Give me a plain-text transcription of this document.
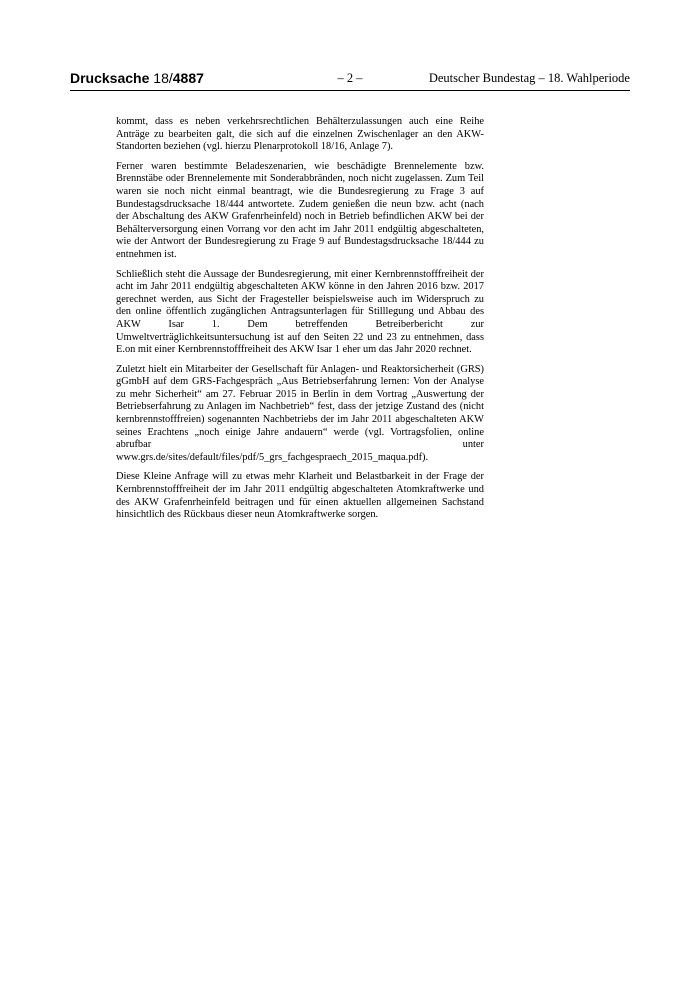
Drucksache 18/4887	– 2 –	Deutscher Bundestag – 18. Wahlperiode

kommt, dass es neben verkehrsrechtlichen Behälterzulassungen auch eine Reihe Anträge zu bearbeiten galt, die sich auf die einzelnen Zwischenlager an den AKW-Standorten beziehen (vgl. hierzu Plenarprotokoll 18/16, Anlage 7).

Ferner waren bestimmte Beladeszenarien, wie beschädigte Brennelemente bzw. Brennstäbe oder Brennelemente mit Sonderabbränden, noch nicht zugelassen. Zum Teil waren sie noch nicht einmal beantragt, wie die Bundesregierung zu Frage 3 auf Bundestagsdrucksache 18/444 antwortete. Zudem genießen die neun bzw. acht (nach der Abschaltung des AKW Grafenrheinfeld) noch in Betrieb befindlichen AKW bei der Behälterversorgung einen Vorrang vor den acht im Jahr 2011 endgültig abgeschalteten, wie der Antwort der Bundesregierung zu Frage 9 auf Bundestagsdrucksache 18/444 zu entnehmen ist.

Schließlich steht die Aussage der Bundesregierung, mit einer Kernbrennstofffreiheit der acht im Jahr 2011 endgültig abgeschalteten AKW könne in den Jahren 2016 bzw. 2017 gerechnet werden, aus Sicht der Fragesteller beispielsweise auch im Widerspruch zu den online öffentlich zugänglichen Antragsunterlagen für Stilllegung und Abbau des AKW Isar 1. Dem betreffenden Betreiberbericht zur Umweltverträglichkeitsuntersuchung ist auf den Seiten 22 und 23 zu entnehmen, dass E.on mit einer Kernbrennstofffreiheit des AKW Isar 1 eher um das Jahr 2020 rechnet.

Zuletzt hielt ein Mitarbeiter der Gesellschaft für Anlagen- und Reaktorsicherheit (GRS) gGmbH auf dem GRS-Fachgespräch „Aus Betriebserfahrung lernen: Von der Analyse zu mehr Sicherheit“ am 27. Februar 2015 in Berlin in dem Vortrag „Auswertung der Betriebserfahrung zu Anlagen im Nachbetrieb“ fest, dass der jetzige Zustand des (nicht kernbrennstofffreien) sogenannten Nachbetriebs der im Jahr 2011 abgeschalteten AKW seines Erachtens „noch einige Jahre andauern“ werde (vgl. Vortragsfolien, online abrufbar unter www.grs.de/sites/default/files/pdf/5_grs_fachgespraech_2015_maqua.pdf).

Diese Kleine Anfrage will zu etwas mehr Klarheit und Belastbarkeit in der Frage der Kernbrennstofffreiheit der im Jahr 2011 endgültig abgeschalteten Atomkraftwerke und des AKW Grafenrheinfeld beitragen und für einen aktuellen allgemeinen Sachstand hinsichtlich des Rückbaus dieser neun Atomkraftwerke sorgen.
